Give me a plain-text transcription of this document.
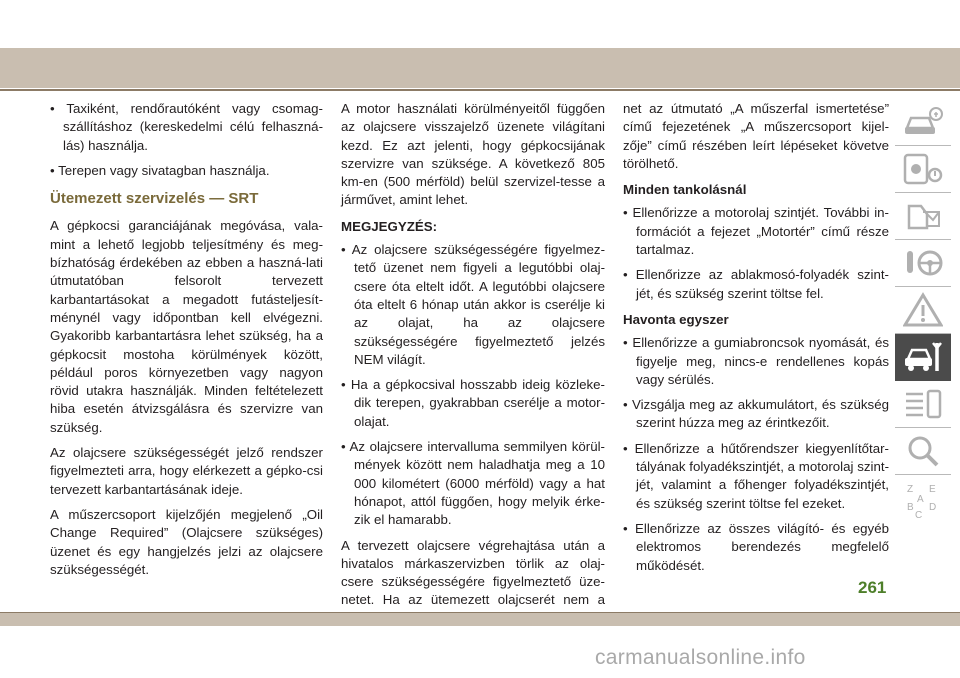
• Taxiként, rendőrautóként vagy csomag-szállításhoz (kereskedelmi célú felhaszná-lás) használja.

• Terepen vagy sivatagban használja.

Ütemezett szervizelés — SRT

A gépkocsi garanciájának megóvása, vala-mint a lehető legjobb teljesítmény és meg-bízhatóság érdekében az ebben a haszná-lati útmutatóban felsorolt tervezett karbantartásokat a megadott futásteljesít-ménynél vagy időpontban kell elvégezni. Gyakoribb karbantartásra lehet szükség, ha a gépkocsit mostoha körülmények között, például poros környezetben vagy nagyon rövid utakra használják. Minden feltételezett hiba esetén átvizsgálásra és szervizre van szükség.

Az olajcsere szükségességét jelző rendszer figyelmezteti arra, hogy elérkezett a gépko-csi tervezett karbantartásának ideje.

A műszercsoport kijelzőjén megjelenő „Oil Change Required” (Olajcsere szükséges) üzenet és egy hangjelzés jelzi az olajcsere szükségességét.

A motor használati körülményeitől függően az olajcsere visszajelző üzenete világítani kezd. Ez azt jelenti, hogy gépkocsijának szervizre van szüksége. A következő 805 km-en (500 mérföld) belül szervizel-tesse a járművet, amint lehet.

MEGJEGYZÉS:

• Az olajcsere szükségességére figyelmez-tető üzenet nem figyeli a legutóbbi olaj-csere óta eltelt időt. A legutóbbi olajcsere óta eltelt 6 hónap után akkor is cserélje ki az olajat, ha az olajcsere szükségességére figyelmeztető jelzés NEM világít.

• Ha a gépkocsival hosszabb ideig közleke-dik terepen, gyakrabban cserélje a motor-olajat.

• Az olajcsere intervalluma semmilyen körül-mények között nem haladhatja meg a 10 000 kilométert (6000 mérföld) vagy a hat hónapot, attól függően, hogy melyik érke-zik el hamarabb.

A tervezett olajcsere végrehajtása után a hivatalos márkaszervizben törlik az olaj-csere szükségességére figyelmeztető üze-netet. Ha az ütemezett olajcserét nem a

net az útmutató „A műszerfal ismertetése” című fejezetének „A műszercsoport kijel-zője” című részében leírt lépéseket követve törölhető.

Minden tankolásnál

• Ellenőrizze a motorolaj szintjét. További in-formációt a fejezet „Motortér” című része tartalmaz.

• Ellenőrizze az ablakmosó-folyadék szint-jét, és szükség szerint töltse fel.

Havonta egyszer

• Ellenőrizze a gumiabroncsok nyomását, és figyelje meg, nincs-e rendellenes kopás vagy sérülés.

• Vizsgálja meg az akkumulátort, és szükség szerint húzza meg az érintkezőit.

• Ellenőrizze a hűtőrendszer kiegyenlítőtar-tályának folyadékszintjét, a motorolaj szint-jét, valamint a főhenger folyadékszintjét, és szükség szerint töltse fel ezeket.

• Ellenőrizze az összes világító- és egyéb elektromos berendezés megfelelő működését.

Z E
A
B D
C
261
carmanualsonline.info
